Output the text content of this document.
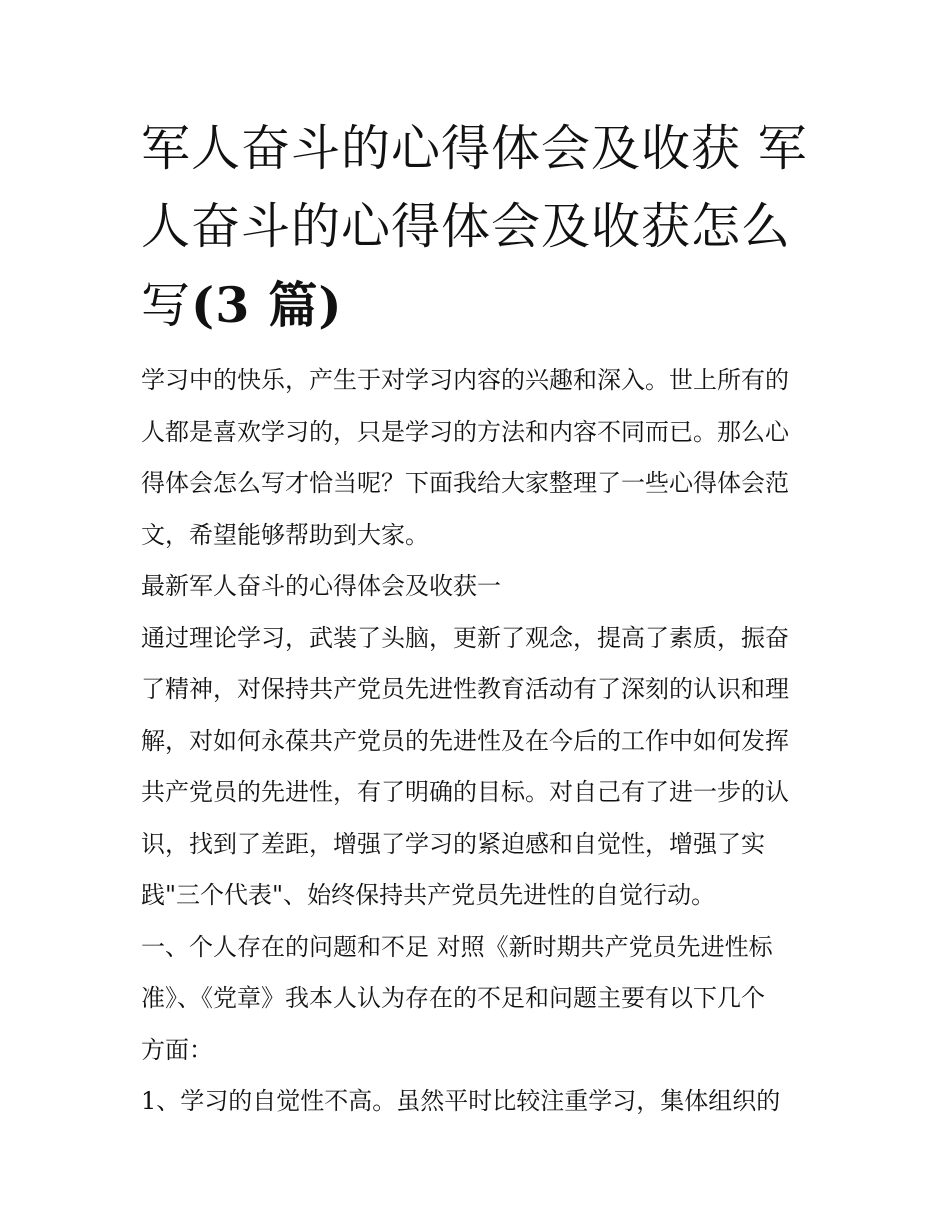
军人奋斗的心得体会及收获 军
人奋斗的心得体会及收获怎么
写(3 篇)
学习中的快乐，产生于对学习内容的兴趣和深入。世上所有的
人都是喜欢学习的，只是学习的方法和内容不同而已。那么心
得体会怎么写才恰当呢？下面我给大家整理了一些心得体会范
文，希望能够帮助到大家。
最新军人奋斗的心得体会及收获一
通过理论学习，武装了头脑，更新了观念，提高了素质，振奋
了精神，对保持共产党员先进性教育活动有了深刻的认识和理
解，对如何永葆共产党员的先进性及在今后的工作中如何发挥
共产党员的先进性，有了明确的目标。对自己有了进一步的认
识，找到了差距，增强了学习的紧迫感和自觉性，增强了实
践"三个代表"、始终保持共产党员先进性的自觉行动。
一、个人存在的问题和不足 对照《新时期共产党员先进性标
准》、《党章》我本人认为存在的不足和问题主要有以下几个
方面：
1、学习的自觉性不高。虽然平时比较注重学习，集体组织的
